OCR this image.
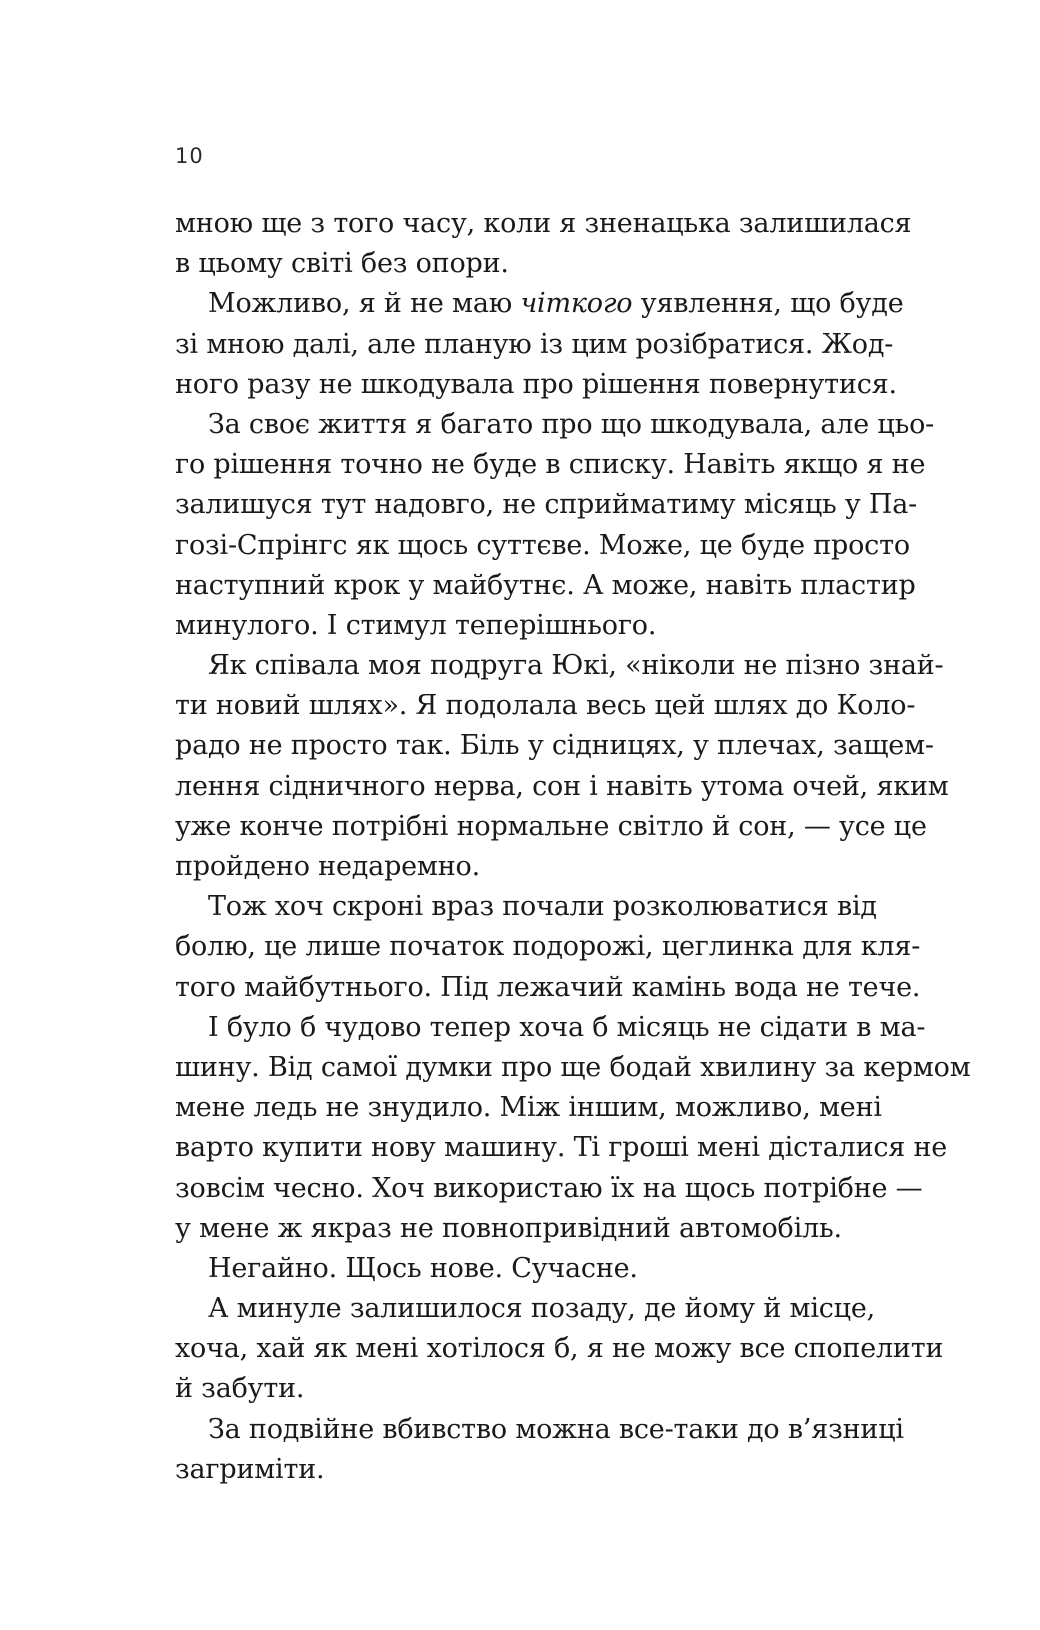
10
мною ще з того часу, коли я зненацька залишилася
в цьому світі без опори.
Можливо, я й не маю чіткого уявлення, що буде
зі мною далі, але планую із цим розібратися. Жод-
ного разу не шкодувала про рішення повернутися.
За своє життя я багато про що шкодувала, але цьо-
го рішення точно не буде в списку. Навіть якщо я не
залишуся тут надовго, не сприйматиму місяць у Па-
гозі-Спрінгс як щось суттєве. Може, це буде просто
наступний крок у майбутнє. А може, навіть пластир
минулого. І стимул теперішнього.
Як співала моя подруга Юкі, «ніколи не пізно знай-
ти новий шлях». Я подолала весь цей шлях до Коло-
радо не просто так. Біль у сідницях, у плечах, защем-
лення сідничного нерва, сон і навіть утома очей, яким
уже конче потрібні нормальне світло й сон, — усе це
пройдено недаремно.
Тож хоч скроні враз почали розколюватися від
болю, це лише початок подорожі, цеглинка для кля-
того майбутнього. Під лежачий камінь вода не тече.
І було б чудово тепер хоча б місяць не сідати в ма-
шину. Від самої думки про ще бодай хвилину за кермом
мене ледь не знудило. Між іншим, можливо, мені
варто купити нову машину. Ті гроші мені дісталися не
зовсім чесно. Хоч використаю їх на щось потрібне —
у мене ж якраз не повнопривідний автомобіль.
Негайно. Щось нове. Сучасне.
А минуле залишилося позаду, де йому й місце,
хоча, хай як мені хотілося б, я не можу все спопелити
й забути.
За подвійне вбивство можна все-таки до в’язниці
загриміти.
